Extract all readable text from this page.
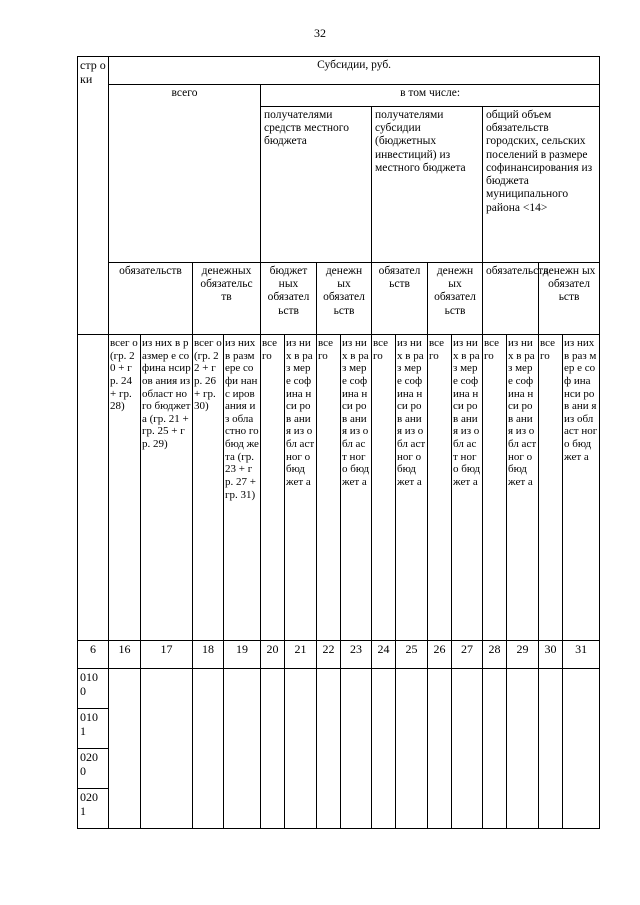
32
стр оки	Субсидии, руб.															
	всего				в том числе:											
					получателями средств местного бюджета				получателями субсидии (бюджетных инвестиций) из местного бюджета				общий объем обязательств городских, сельских поселений в размере софинансирования из бюджета муниципального района <14>			
	обязательств		денежных обязательс тв		бюджет ных обязател ьств		денежн ых обязател ьств		обязател ьств		денежн ых обязател ьств		обязательств		денежн ых обязател ьств	
	всег о (гр. 20 + гр. 24 + гр. 28)	из них в размер е софина нсиров ания из област ного бюджет а (гр. 21 + гр. 25 + гр. 29)	всег о (гр. 22 + гр. 26 + гр. 30)	из них в разм ере софи нанс иров ания из обла стно го бюд жета (гр. 23 + гр. 27 + гр. 31)	все го	из них в раз мер е соф ина нси ров ани я из обл аст ног о бюд жет а	все го	из них в раз мер е соф ина нси ров ани я из обл аст ног о бюд жет а	все го	из них в раз мер е соф ина нси ров ани я из обл аст ног о бюд жет а	все го	из них в раз мер е соф ина нси ров ани я из обл аст ног о бюд жет а	все го	из них в раз мер е соф ина нси ров ани я из обл аст ног о бюд жет а	все го	из них в раз мер е соф ина нси ров ани я из обл аст ног о бюд жет а
6	16	17	18	19	20	21	22	23	24	25	26	27	28	29	30	31
010 0																
010 1																
020 0																
020 1																
